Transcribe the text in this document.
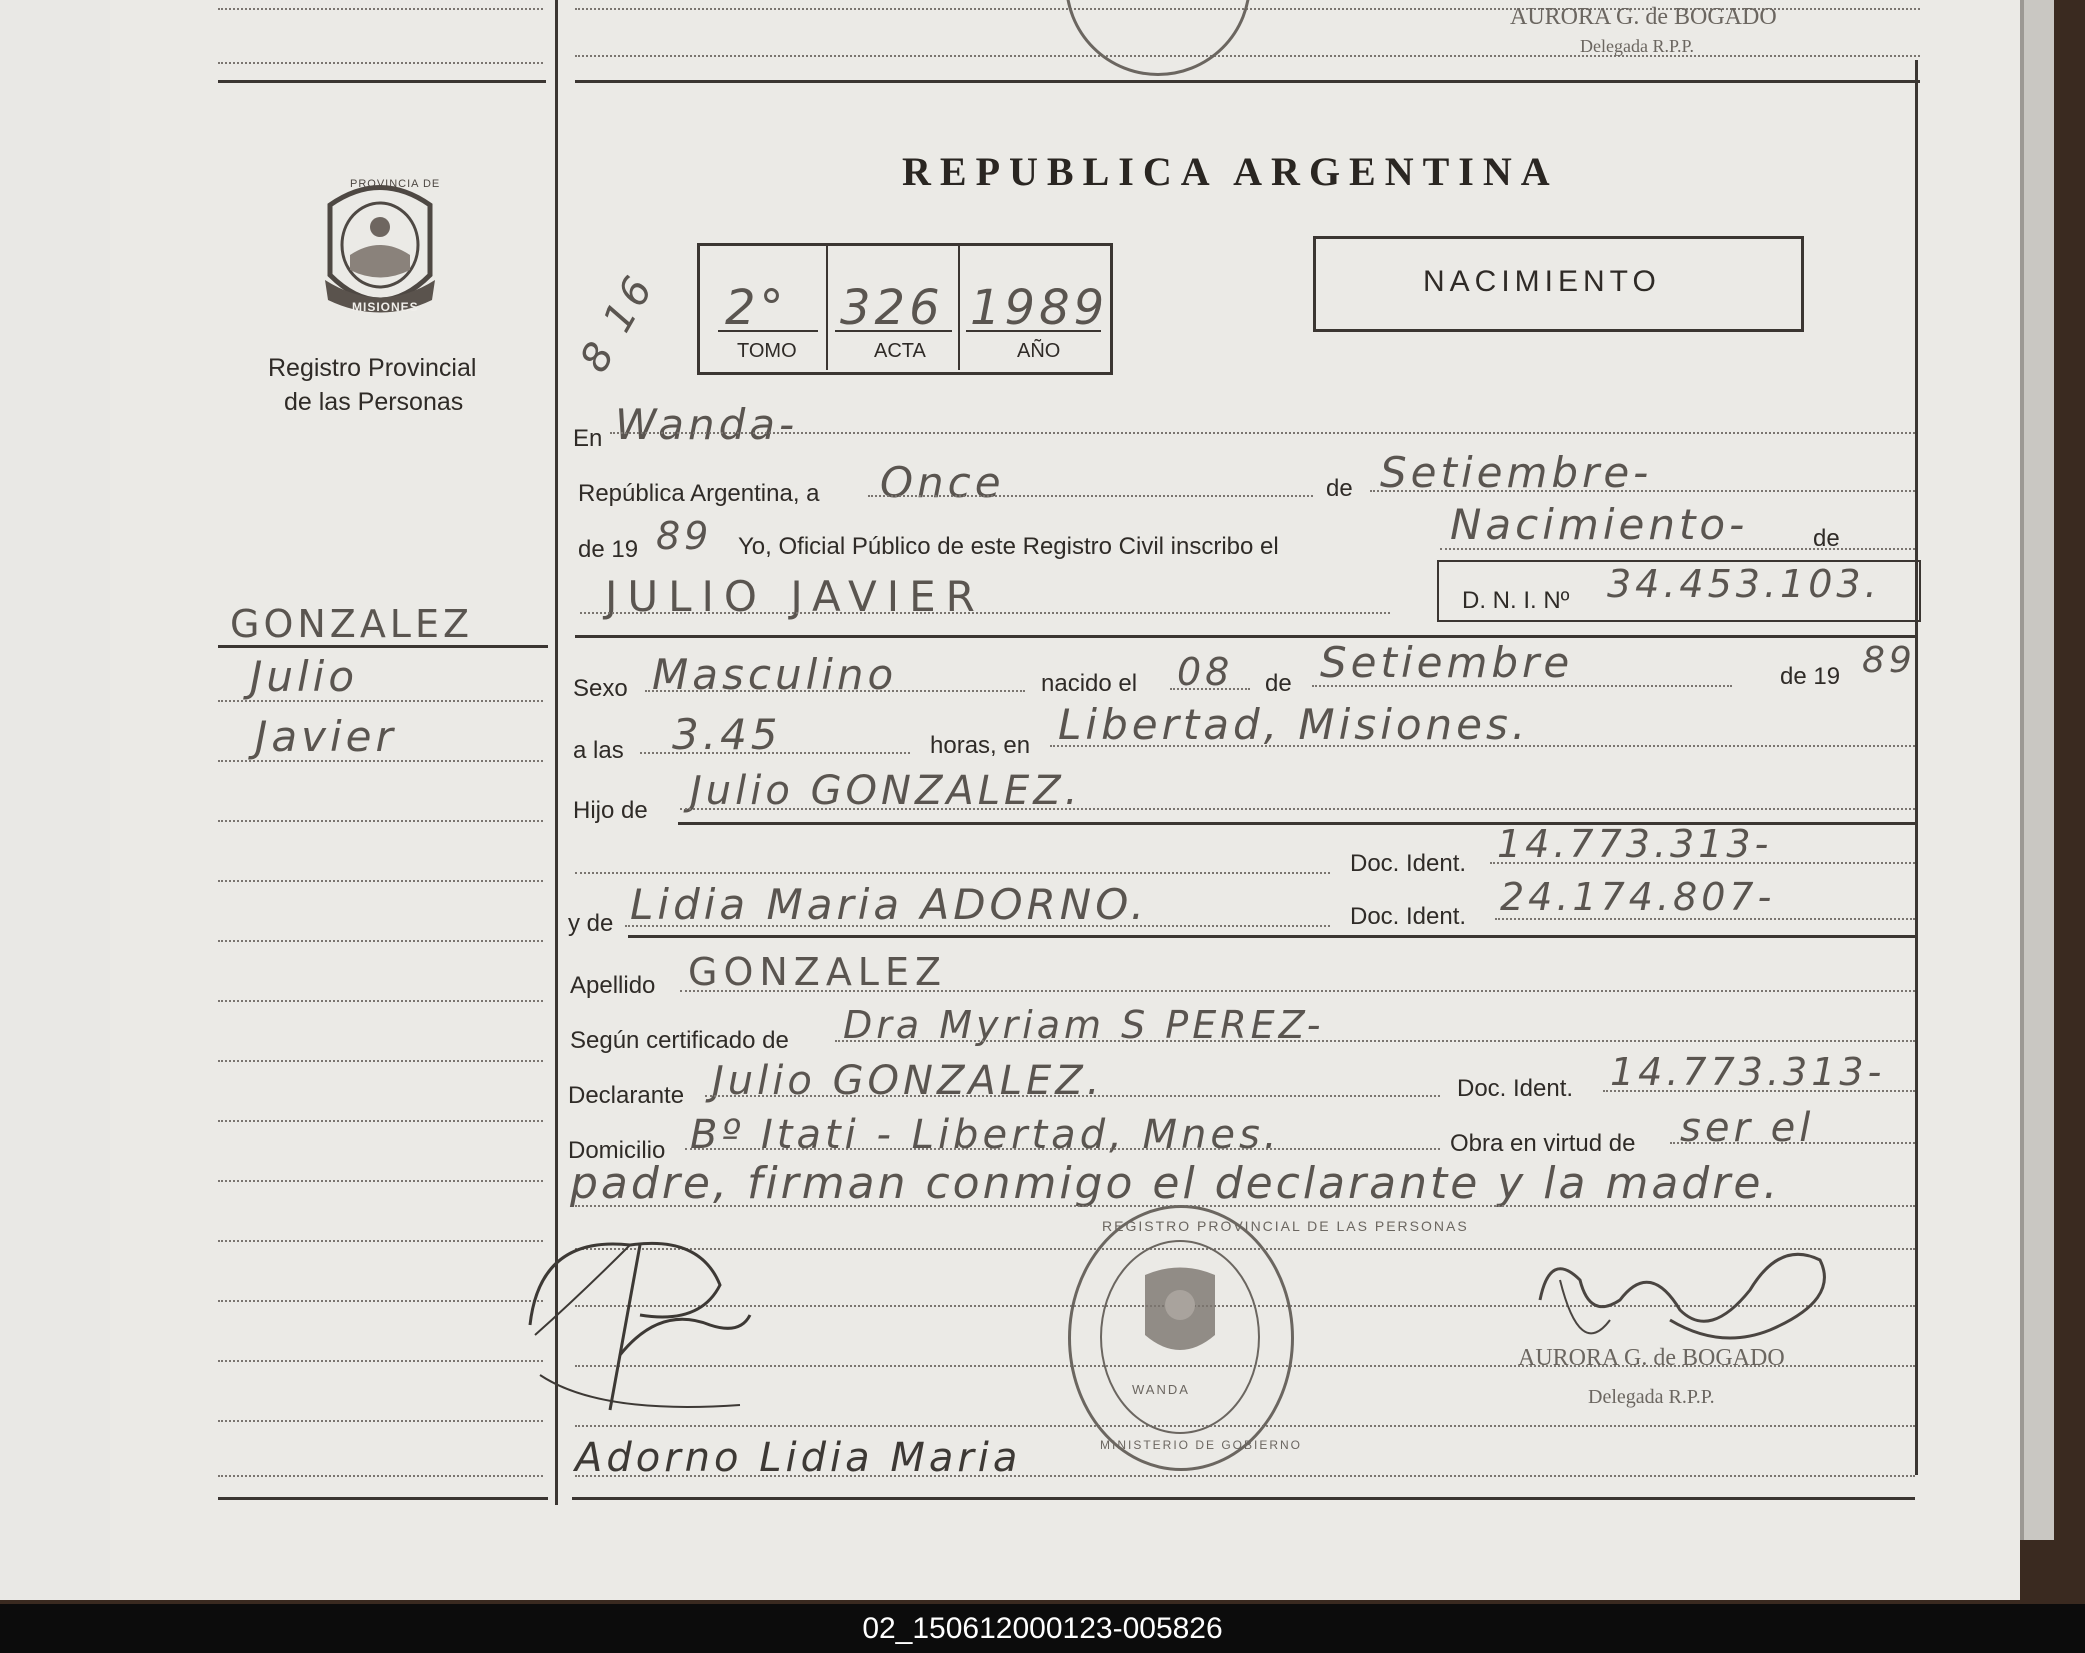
AURORA G. de BOGADO
Delegada R.P.P.
PROVINCIA DE
MISIONES
Registro Provincial
de las Personas
REPUBLICA ARGENTINA
2° 326 1989
TOMO	ACTA	AÑO
8 16	NACIMIENTO
GONZALEZ
Julio
Javier
En Wanda-
República Argentina, a Once	de Setiembre-
de 19 89 Yo, Oficial Público de este Registro Civil inscribo el	Nacimiento-	de
JULIO JAVIER	D. N. I. Nº 34.453.103.
Sexo Masculino	nacido el 08 de Setiembre	de 19 89
a las 3.45	horas, en Libertad, Misiones.
Hijo de Julio GONZALEZ.
Doc. Ident. 14.773.313-
y de Lidia Maria ADORNO.	Doc. Ident. 24.174.807-
Apellido GONZALEZ
Según certificado de Dra Myriam S PEREZ-
Declarante Julio GONZALEZ.	Doc. Ident. 14.773.313-
Domicilio Bº Itati - Libertad, Mnes.	Obra en virtud de ser el
padre, firman conmigo el declarante y la madre.
Adorno Lidia Maria
REGISTRO PROVINCIAL DE LAS PERSONAS
WANDA
MINISTERIO DE GOBIERNO
AURORA G. de BOGADO
Delegada R.P.P.
02_150612000123-005826
